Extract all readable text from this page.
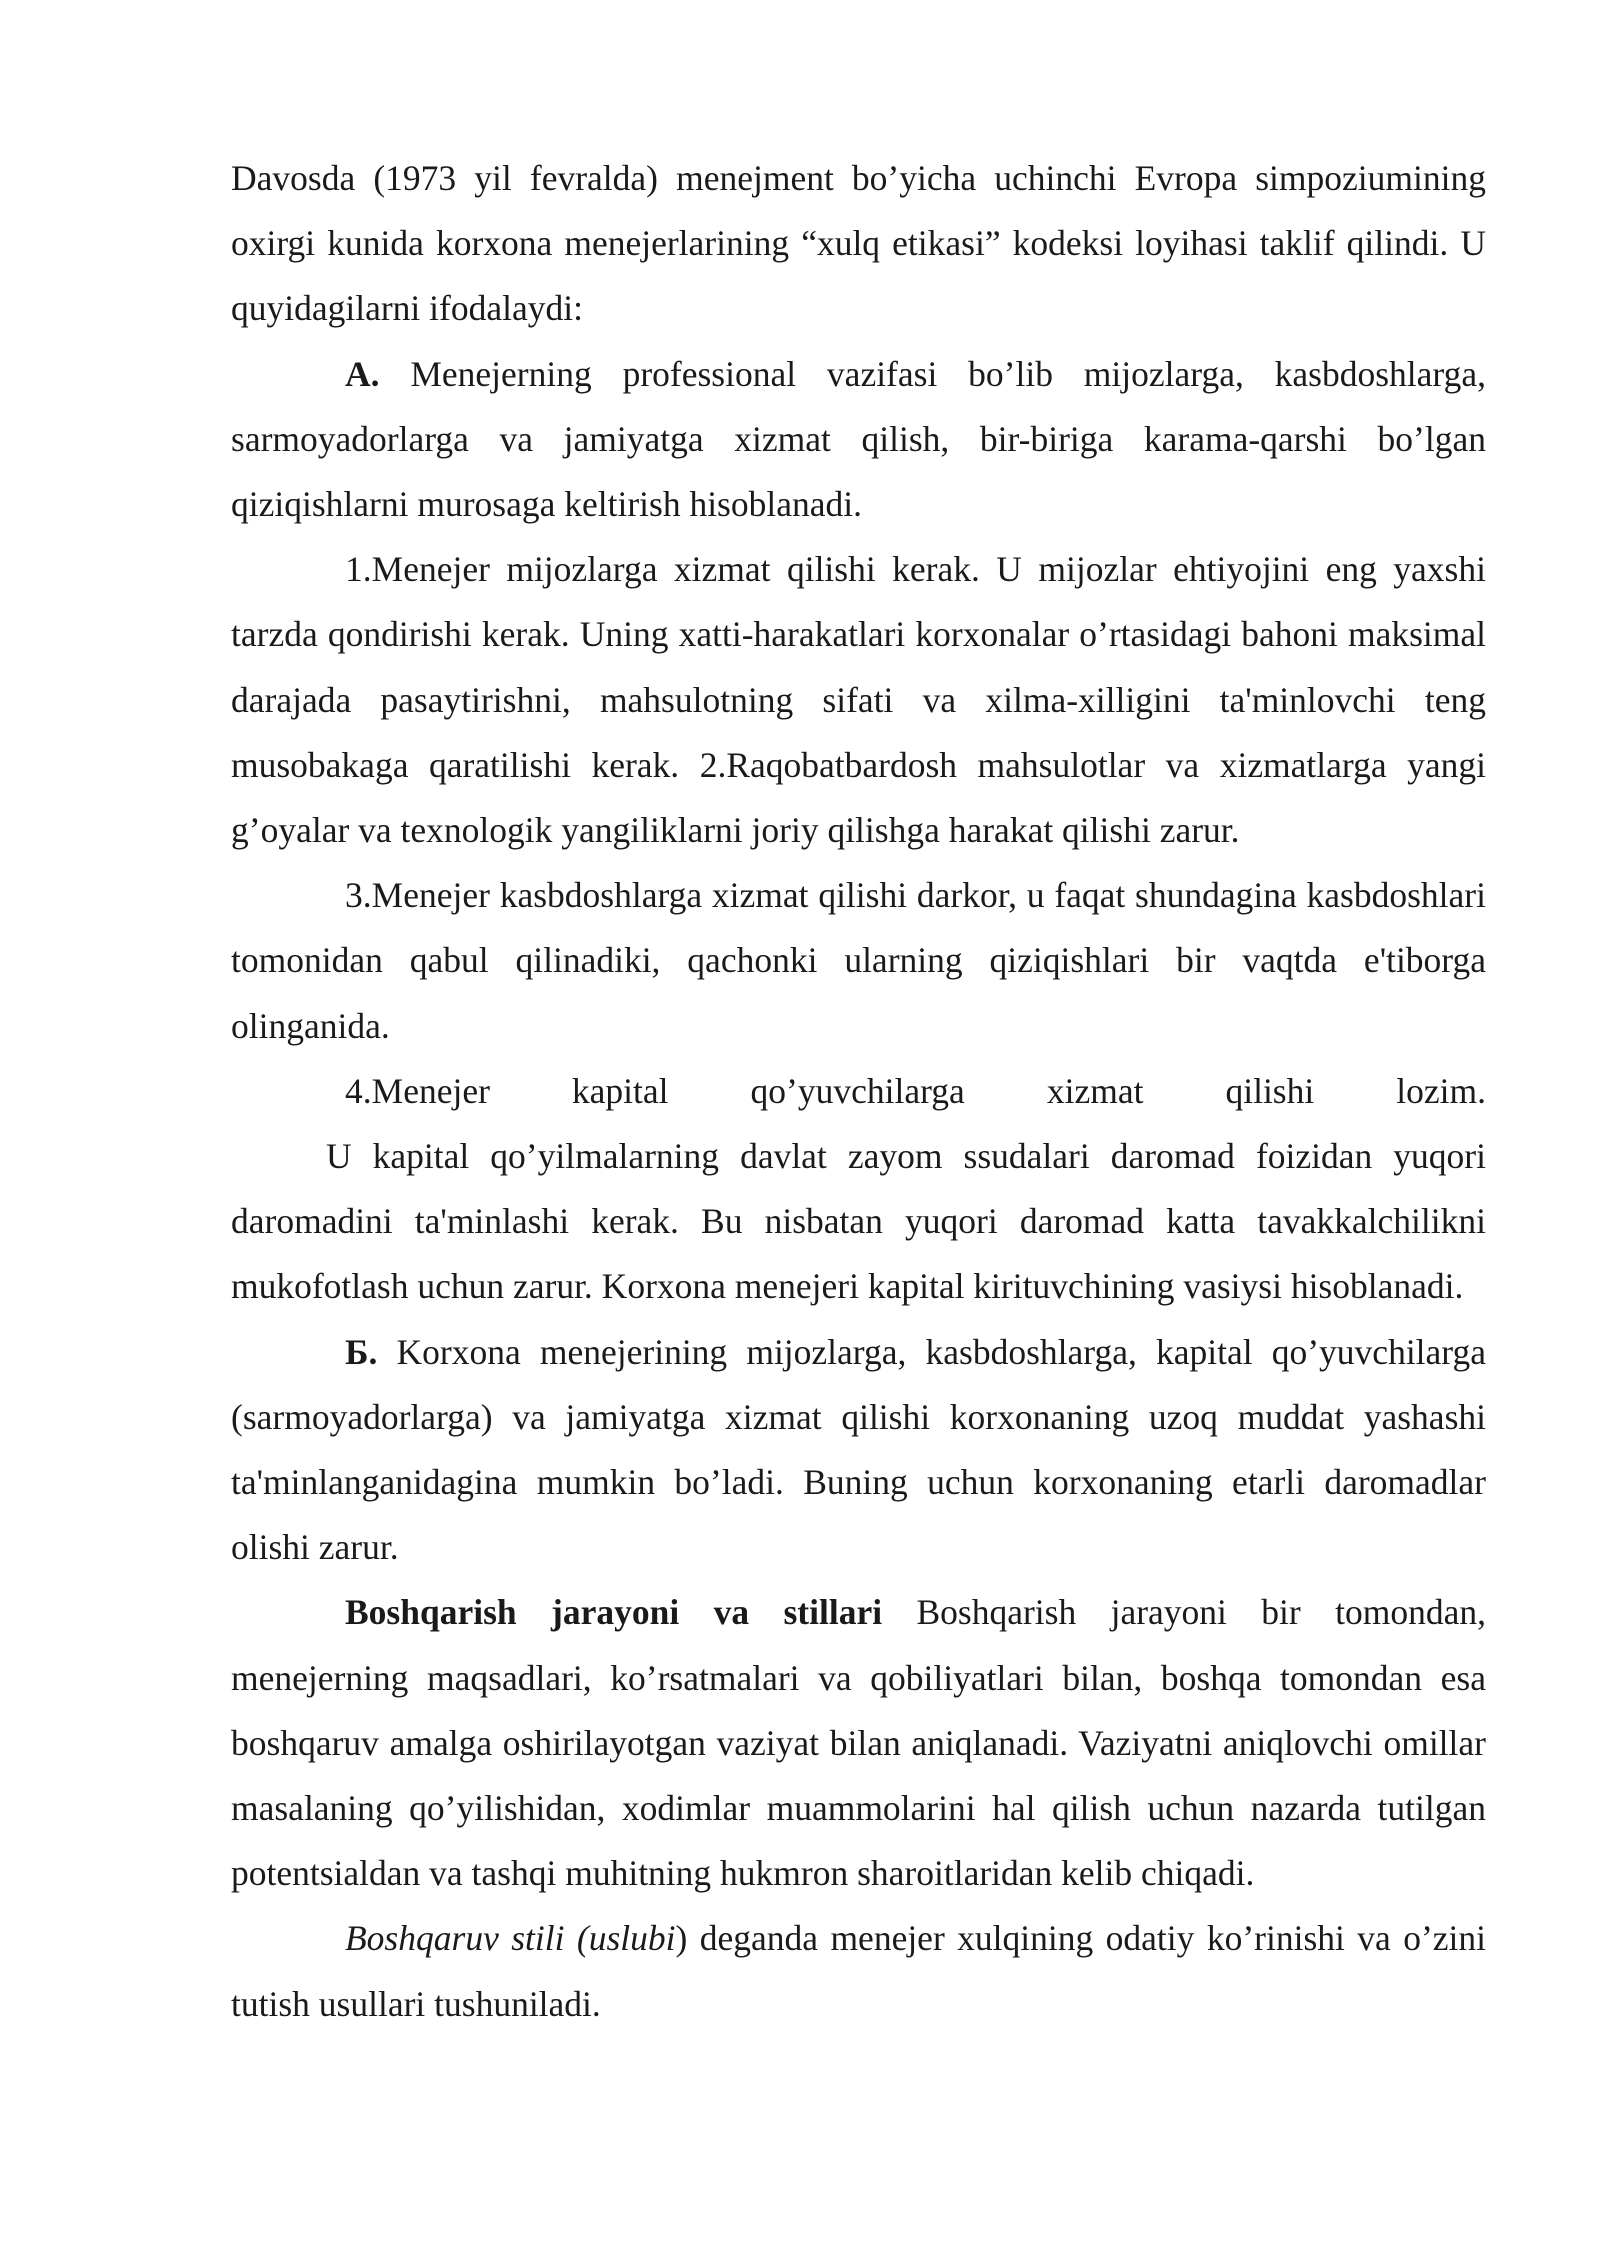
Davosda (1973 yil fevralda) menejment bo’yicha uchinchi Evropa simpoziumining oxirgi kunida korxona menejerlarining “xulq etikasi” kodeksi loyihasi taklif qilindi. U quyidagilarni ifodalaydi:

A. Menejerning professional vazifasi bo’lib mijozlarga, kasbdoshlarga, sarmoyadorlarga va jamiyatga xizmat qilish, bir-biriga karama-qarshi bo’lgan qiziqishlarni murosaga keltirish hisoblanadi.

1.Menejer mijozlarga xizmat qilishi kerak. U mijozlar ehtiyojini eng yaxshi tarzda qondirishi kerak. Uning xatti-harakatlari korxonalar o’rtasidagi bahoni maksimal darajada pasaytirishni, mahsulotning sifati va xilma-xilligini ta'minlovchi teng musobakaga qaratilishi kerak. 2.Raqobatbardosh mahsulotlar va xizmatlarga yangi g’oyalar va texnologik yangiliklarni joriy qilishga harakat qilishi zarur.

3.Menejer kasbdoshlarga xizmat qilishi darkor, u faqat shundagina kasbdoshlari tomonidan qabul qilinadiki, qachonki ularning qiziqishlari bir vaqtda e'tiborga olinganida.

4.Menejer kapital qo’yuvchilarga xizmat qilishi lozim.

U kapital qo’yilmalarning davlat zayom ssudalari daromad foizidan yuqori daromadini ta'minlashi kerak. Bu nisbatan yuqori daromad katta tavakkalchilikni mukofotlash uchun zarur. Korxona menejeri kapital kirituvchining vasiysi hisoblanadi.

Б. Korxona menejerining mijozlarga, kasbdoshlarga, kapital qo’yuvchilarga (sarmoyadorlarga) va jamiyatga xizmat qilishi korxonaning uzoq muddat yashashi ta'minlanganidagina mumkin bo’ladi. Buning uchun korxonaning etarli daromadlar olishi zarur.

Boshqarish jarayoni va stillari Boshqarish jarayoni bir tomondan, menejerning maqsadlari, ko’rsatmalari va qobiliyatlari bilan, boshqa tomondan esa boshqaruv amalga oshirilayotgan vaziyat bilan aniqlanadi. Vaziyatni aniqlovchi omillar masalaning qo’yilishidan, xodimlar muammolarini hal qilish uchun nazarda tutilgan potentsialdan va tashqi muhitning hukmron sharoitlaridan kelib chiqadi.

Boshqaruv stili (uslubi) deganda menejer xulqining odatiy ko’rinishi va o’zini tutish usullari tushuniladi.
